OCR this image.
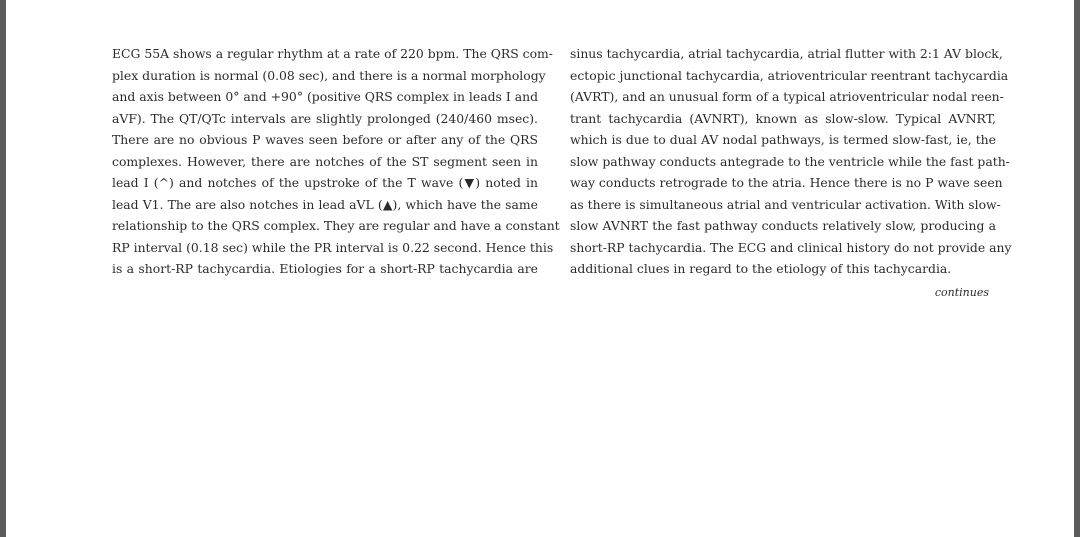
ECG 55A shows a regular rhythm at a rate of 220 bpm. The QRS com-
plex duration is normal (0.08 sec), and there is a normal morphology
and axis between 0° and +90° (positive QRS complex in leads I and
aVF). The QT/QTc intervals are slightly prolonged (240/460 msec).
There are no obvious P waves seen before or after any of the QRS
complexes. However, there are notches of the ST segment seen in
lead I (^) and notches of the upstroke of the T wave (▼) noted in
lead V1. The are also notches in lead aVL (▲), which have the same
relationship to the QRS complex. They are regular and have a constant
RP interval (0.18 sec) while the PR interval is 0.22 second. Hence this
is a short-RP tachycardia. Etiologies for a short-RP tachycardia are
sinus tachycardia, atrial tachycardia, atrial flutter with 2:1 AV block,
ectopic junctional tachycardia, atrioventricular reentrant tachycardia
(AVRT), and an unusual form of a typical atrioventricular nodal reen-
trant tachycardia (AVNRT), known as slow-slow. Typical AVNRT,
which is due to dual AV nodal pathways, is termed slow-fast, ie, the
slow pathway conducts antegrade to the ventricle while the fast path-
way conducts retrograde to the atria. Hence there is no P wave seen
as there is simultaneous atrial and ventricular activation. With slow-
slow AVNRT the fast pathway conducts relatively slow, producing a
short-RP tachycardia. The ECG and clinical history do not provide any
additional clues in regard to the etiology of this tachycardia.
continues
